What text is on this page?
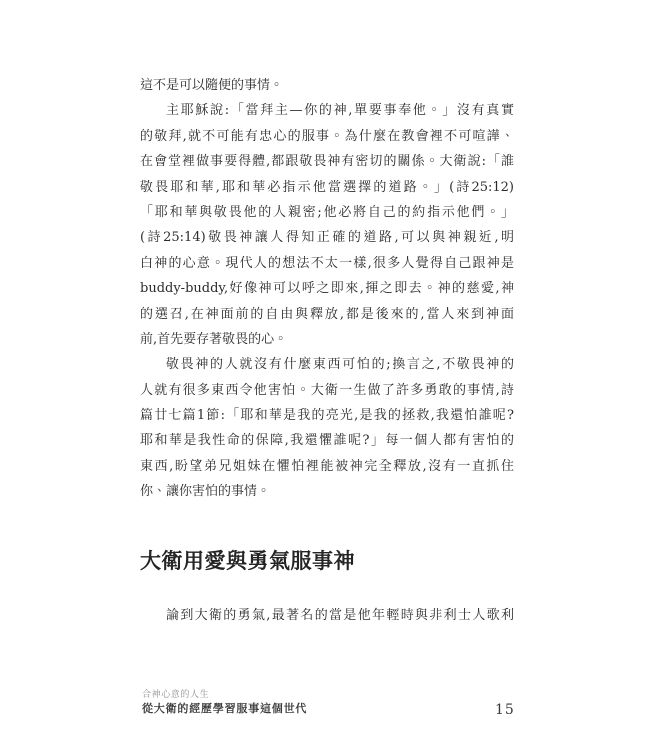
這不是可以隨便的事情。
主耶穌說:「當拜主—你的神,單要事奉他。」沒有真實
的敬拜,就不可能有忠心的服事。為什麼在教會裡不可喧譁、
在會堂裡做事要得體,都跟敬畏神有密切的關係。大衛說:「誰
敬畏耶和華,耶和華必指示他當選擇的道路。」(詩25:12)
「耶和華與敬畏他的人親密;他必將自己的約指示他們。」
(詩25:14)敬畏神讓人得知正確的道路,可以與神親近,明
白神的心意。現代人的想法不太一樣,很多人覺得自己跟神是
buddy-buddy,好像神可以呼之即來,揮之即去。神的慈愛,神
的選召,在神面前的自由與釋放,都是後來的,當人來到神面
前,首先要存著敬畏的心。
敬畏神的人就沒有什麼東西可怕的;換言之,不敬畏神的
人就有很多東西令他害怕。大衛一生做了許多勇敢的事情,詩
篇廿七篇1節:「耶和華是我的亮光,是我的拯救,我還怕誰呢?
耶和華是我性命的保障,我還懼誰呢?」每一個人都有害怕的
東西,盼望弟兄姐妹在懼怕裡能被神完全釋放,沒有一直抓住
你、讓你害怕的事情。
大衛用愛與勇氣服事神
論到大衛的勇氣,最著名的當是他年輕時與非利士人歌利
合神心意的人生
從大衛的經歷學習服事這個世代	15
